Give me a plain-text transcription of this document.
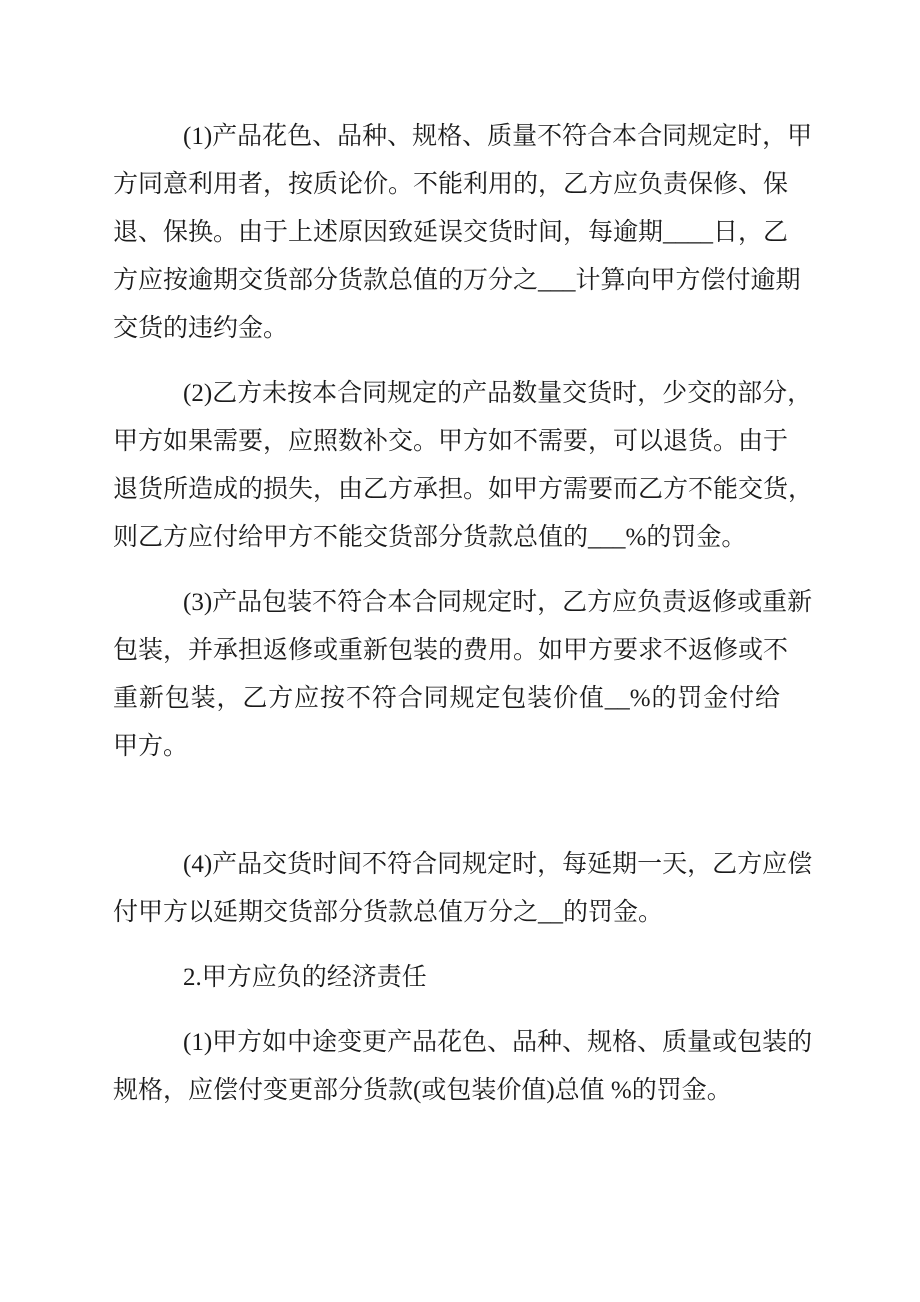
(1)产品花色、品种、规格、质量不符合本合同规定时，甲
方同意利用者，按质论价。不能利用的，乙方应负责保修、保
退、保换。由于上述原因致延误交货时间，每逾期____日，乙
方应按逾期交货部分货款总值的万分之___计算向甲方偿付逾期
交货的违约金。
(2)乙方未按本合同规定的产品数量交货时，少交的部分，
甲方如果需要，应照数补交。甲方如不需要，可以退货。由于
退货所造成的损失，由乙方承担。如甲方需要而乙方不能交货，
则乙方应付给甲方不能交货部分货款总值的___%的罚金。
(3)产品包装不符合本合同规定时，乙方应负责返修或重新
包装，并承担返修或重新包装的费用。如甲方要求不返修或不
重新包装，乙方应按不符合同规定包装价值__%的罚金付给甲方。
(4)产品交货时间不符合同规定时，每延期一天，乙方应偿
付甲方以延期交货部分货款总值万分之__的罚金。
2.甲方应负的经济责任
(1)甲方如中途变更产品花色、品种、规格、质量或包装的
规格，应偿付变更部分货款(或包装价值)总值 %的罚金。
